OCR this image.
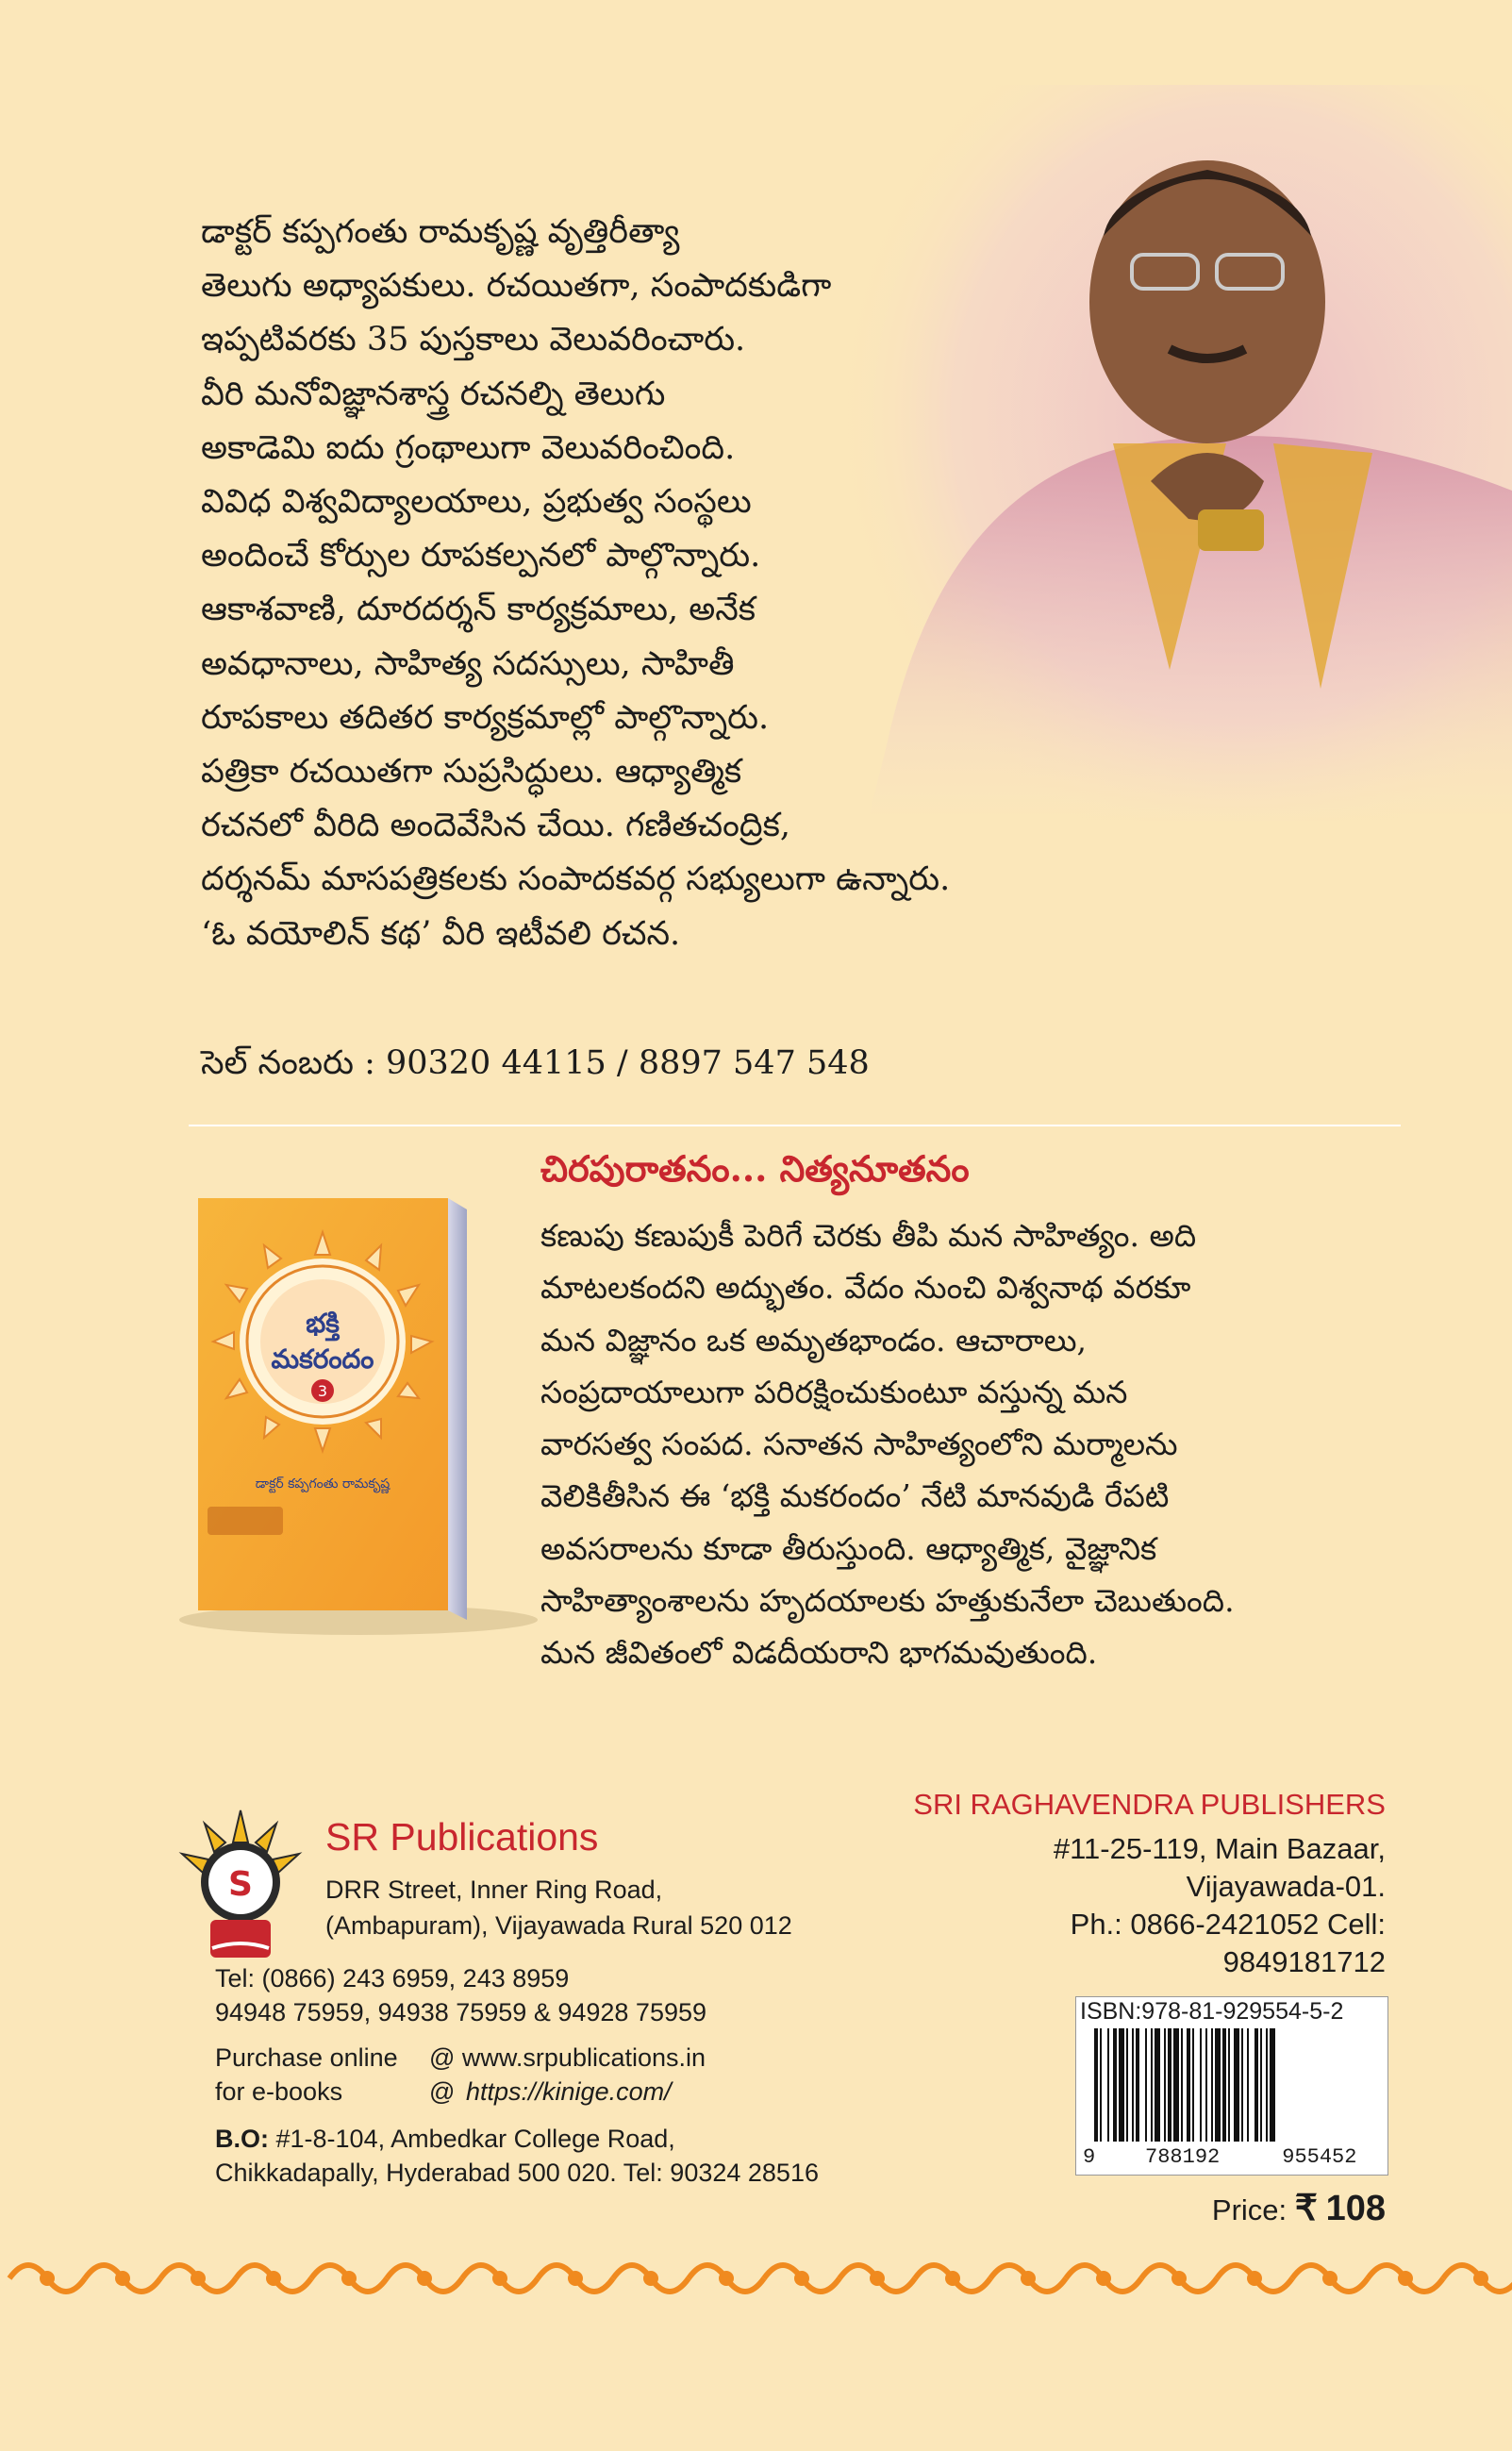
డాక్టర్ కప్పగంతు రామకృష్ణ వృత్తిరీత్యా
తెలుగు అధ్యాపకులు. రచయితగా, సంపాదకుడిగా
ఇప్పటివరకు 35 పుస్తకాలు వెలువరించారు.
వీరి మనోవిజ్ఞానశాస్త్ర రచనల్ని తెలుగు
అకాడెమి ఐదు గ్రంథాలుగా వెలువరించింది.
వివిధ విశ్వవిద్యాలయాలు, ప్రభుత్వ సంస్థలు
అందించే కోర్సుల రూపకల్పనలో పాల్గొన్నారు.
ఆకాశవాణి, దూరదర్శన్ కార్యక్రమాలు, అనేక
అవధానాలు, సాహిత్య సదస్సులు, సాహితీ
రూపకాలు తదితర కార్యక్రమాల్లో పాల్గొన్నారు.
పత్రికా రచయితగా సుప్రసిద్ధులు. ఆధ్యాత్మిక
రచనలో వీరిది అందెవేసిన చేయి. గణితచంద్రిక,
దర్శనమ్ మాసపత్రికలకు సంపాదకవర్గ సభ్యులుగా ఉన్నారు.
‘ఓ వయోలిన్ కథ’ వీరి ఇటీవలి రచన.
సెల్ నంబరు : 90320 44115 / 8897 547 548
భక్తి
మకరందం
3
డాక్టర్ కప్పగంతు రామకృష్ణ
చిరపురాతనం... నిత్యనూతనం
కణుపు కణుపుకీ పెరిగే చెరకు తీపి మన సాహిత్యం. అది
మాటలకందని అద్భుతం. వేదం నుంచి విశ్వనాథ వరకూ
మన విజ్ఞానం ఒక అమృతభాండం. ఆచారాలు,
సంప్రదాయాలుగా పరిరక్షించుకుంటూ వస్తున్న మన
వారసత్వ సంపద. సనాతన సాహిత్యంలోని మర్మాలను
వెలికితీసిన ఈ ‘భక్తి మకరందం’ నేటి మానవుడి రేపటి
అవసరాలను కూడా తీరుస్తుంది. ఆధ్యాత్మిక, వైజ్ఞానిక
సాహిత్యాంశాలను హృదయాలకు హత్తుకునేలా చెబుతుంది.
మన జీవితంలో విడదీయరాని భాగమవుతుంది.
S
SR Publications
DRR Street, Inner Ring Road,
(Ambapuram), Vijayawada Rural 520 012
Tel: (0866) 243 6959, 243 8959
94948 75959, 94938 75959 & 94928 75959
Purchase online @ www.srpublications.in
for e-books	@ https://kinige.com/
B.O: #1-8-104, Ambedkar College Road,
Chikkadapally, Hyderabad 500 020. Tel: 90324 28516
SRI RAGHAVENDRA PUBLISHERS
#11-25-119, Main Bazaar,
Vijayawada-01.
Ph.: 0866-2421052 Cell:
9849181712
ISBN:978-81-929554-5-2
9 788192	955452
Price: ₹ 108
